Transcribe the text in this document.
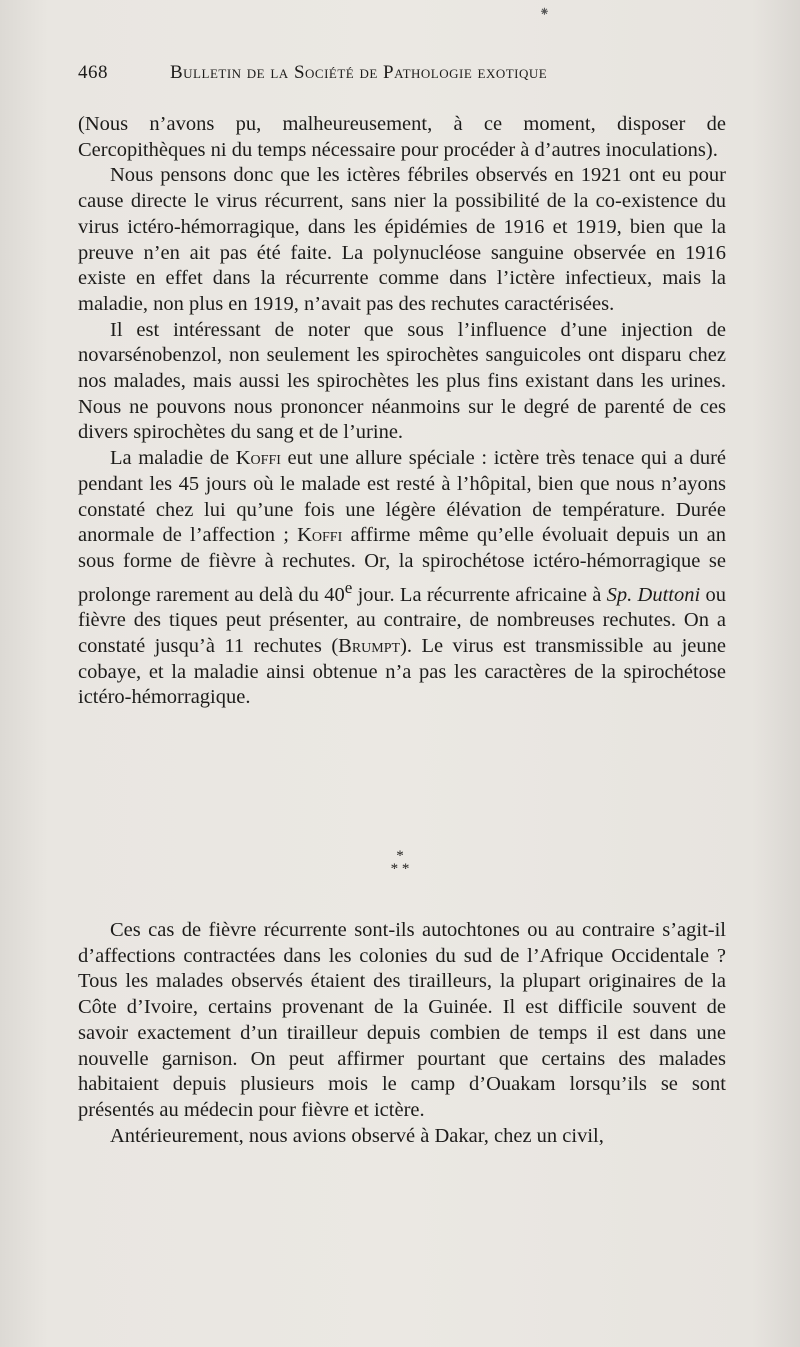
⁕
468	Bulletin de la Société de Pathologie exotique

(Nous n’avons pu, malheureusement, à ce moment, disposer de Cercopithèques ni du temps nécessaire pour procéder à d’autres inoculations).

Nous pensons donc que les ictères fébriles observés en 1921 ont eu pour cause directe le virus récurrent, sans nier la possibilité de la co-existence du virus ictéro-hémorragique, dans les épidémies de 1916 et 1919, bien que la preuve n’en ait pas été faite. La polynucléose sanguine observée en 1916 existe en effet dans la récurrente comme dans l’ictère infectieux, mais la maladie, non plus en 1919, n’avait pas des rechutes caractérisées.

Il est intéressant de noter que sous l’influence d’une injection de novarsénobenzol, non seulement les spirochètes sanguicoles ont disparu chez nos malades, mais aussi les spirochètes les plus fins existant dans les urines. Nous ne pouvons nous prononcer néanmoins sur le degré de parenté de ces divers spirochètes du sang et de l’urine.

La maladie de Koffi eut une allure spéciale : ictère très tenace qui a duré pendant les 45 jours où le malade est resté à l’hôpital, bien que nous n’ayons constaté chez lui qu’une fois une légère élévation de température. Durée anormale de l’affection ; Koffi affirme même qu’elle évoluait depuis un an sous forme de fièvre à rechutes. Or, la spirochétose ictéro-hémorragique se prolonge rarement au delà du 40e jour. La récurrente africaine à Sp. Duttoni ou fièvre des tiques peut présenter, au contraire, de nombreuses rechutes. On a constaté jusqu’à 11 rechutes (Brumpt). Le virus est transmissible au jeune cobaye, et la maladie ainsi obtenue n’a pas les caractères de la spirochétose ictéro-hémorragique.

*
* *

Ces cas de fièvre récurrente sont-ils autochtones ou au contraire s’agit-il d’affections contractées dans les colonies du sud de l’Afrique Occidentale ? Tous les malades observés étaient des tirailleurs, la plupart originaires de la Côte d’Ivoire, certains provenant de la Guinée. Il est difficile souvent de savoir exactement d’un tirailleur depuis combien de temps il est dans une nouvelle garnison. On peut affirmer pourtant que certains des malades habitaient depuis plusieurs mois le camp d’Ouakam lorsqu’ils se sont présentés au médecin pour fièvre et ictère.

Antérieurement, nous avions observé à Dakar, chez un civil,
